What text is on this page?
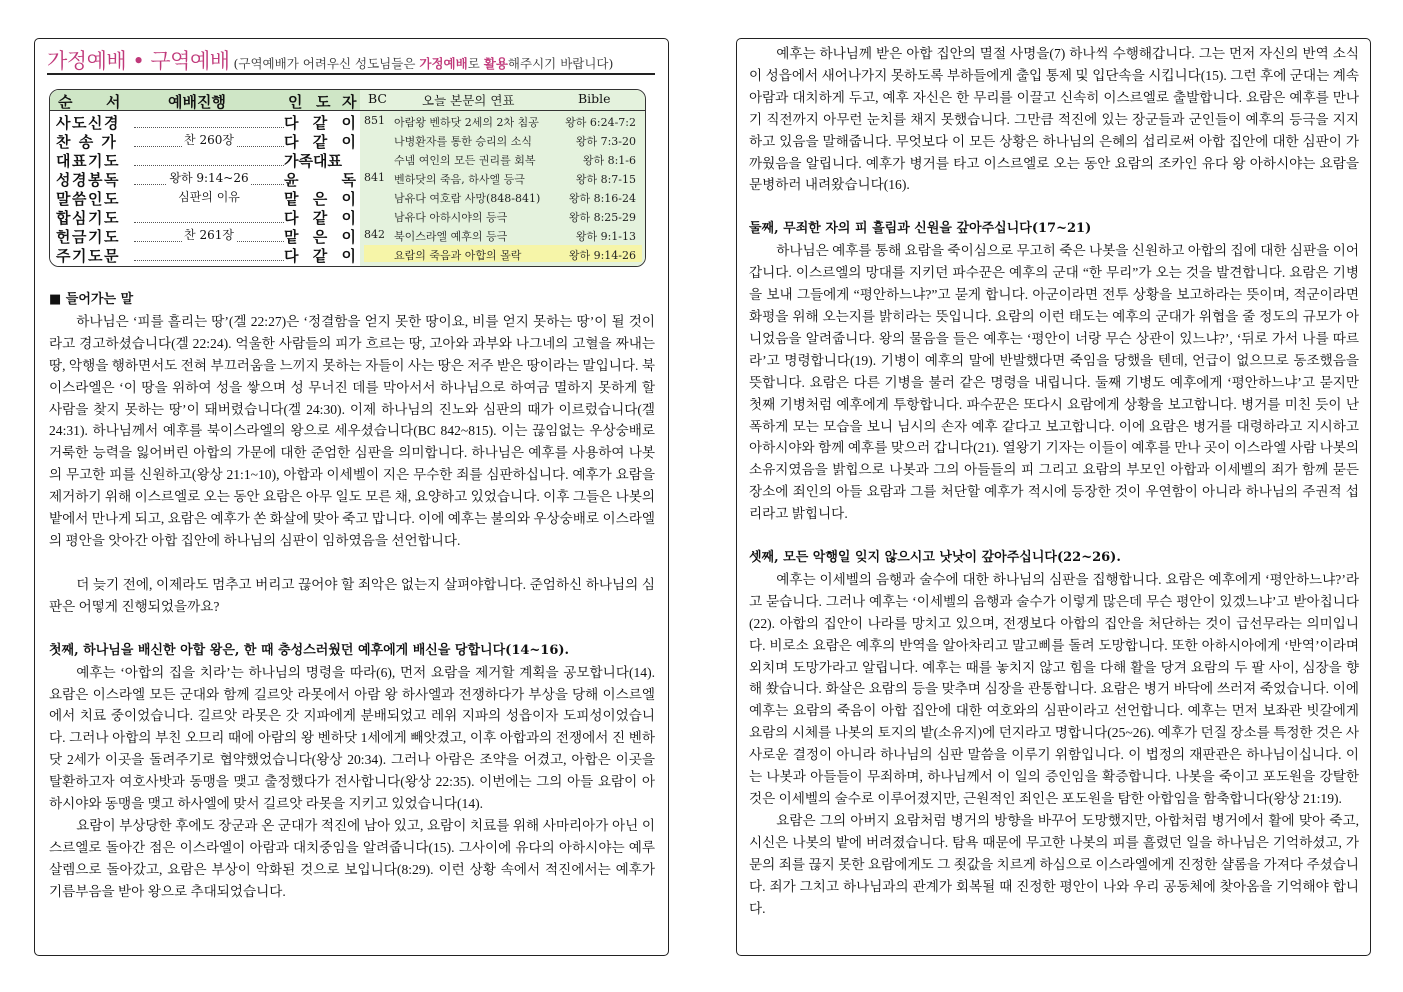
가정예배 • 구역예배 (구역예배가 어려우신 성도님들은 가정예배로 활용해주시기 바랍니다)
순 서	예배진행	인 도 자 BC	오늘 본문의 연표	Bible
사도신경	다 같 이
찬 송 가	찬 260장	다 같 이
대표기도	가족대표
성경봉독	왕하 9:14~26	윤 독
말씀인도	심판의 이유	맡 은 이
합심기도	다 같 이
헌금기도	찬 261장	맡 은 이
주기도문	다 같 이
851 아람왕 벤하닷 2세의 2차 침공 왕하 6:24-7:2
나병환자를 통한 승리의 소식	왕하 7:3-20
수넴 여인의 모든 권리를 회복	왕하 8:1-6
841 벤하닷의 죽음, 하사엘 등극	왕하 8:7-15
남유다 여호람 사망(848-841)	왕하 8:16-24
남유다 아하시야의 등극	왕하 8:25-29
842 북이스라엘 예후의 등극	왕하 9:1-13
요람의 죽음과 아합의 몰락	왕하 9:14-26

■ 들어가는 말

하나님은 ‘피를 흘리는 땅’(겔 22:27)은 ‘정결함을 얻지 못한 땅이요, 비를 얻지 못하는 땅’이 될 것이라고 경고하셨습니다(겔 22:24). 억울한 사람들의 피가 흐르는 땅, 고아와 과부와 나그네의 고혈을 짜내는 땅, 악행을 행하면서도 전혀 부끄러움을 느끼지 못하는 자들이 사는 땅은 저주 받은 땅이라는 말입니다. 북 이스라엘은 ‘이 땅을 위하여 성을 쌓으며 성 무너진 데를 막아서서 하나님으로 하여금 멸하지 못하게 할 사람을 찾지 못하는 땅’이 돼버렸습니다(겔 24:30). 이제 하나님의 진노와 심판의 때가 이르렀습니다(겔 24:31). 하나님께서 예후를 북이스라엘의 왕으로 세우셨습니다(BC 842~815). 이는 끊임없는 우상숭배로 거룩한 능력을 잃어버린 아합의 가문에 대한 준엄한 심판을 의미합니다. 하나님은 예후를 사용하여 나봇의 무고한 피를 신원하고(왕상 21:1~10), 아합과 이세벨이 지은 무수한 죄를 심판하십니다. 예후가 요람을 제거하기 위해 이스르엘로 오는 동안 요람은 아무 일도 모른 채, 요양하고 있었습니다. 이후 그들은 나봇의 밭에서 만나게 되고, 요람은 예후가 쏜 화살에 맞아 죽고 맙니다. 이에 예후는 불의와 우상숭배로 이스라엘의 평안을 앗아간 아합 집안에 하나님의 심판이 임하였음을 선언합니다.

더 늦기 전에, 이제라도 멈추고 버리고 끊어야 할 죄악은 없는지 살펴야합니다. 준엄하신 하나님의 심판은 어떻게 진행되었을까요?

첫째, 하나님을 배신한 아합 왕은, 한 때 충성스러웠던 예후에게 배신을 당합니다(14~16).

예후는 ‘아합의 집을 치라’는 하나님의 명령을 따라(6), 먼저 요람을 제거할 계획을 공모합니다(14). 요람은 이스라엘 모든 군대와 함께 길르앗 라못에서 아람 왕 하사엘과 전쟁하다가 부상을 당해 이스르엘에서 치료 중이었습니다. 길르앗 라못은 갓 지파에게 분배되었고 레위 지파의 성읍이자 도피성이었습니다. 그러나 아합의 부친 오므리 때에 아람의 왕 벤하닷 1세에게 빼앗겼고, 이후 아합과의 전쟁에서 진 벤하닷 2세가 이곳을 돌려주기로 협약했었습니다(왕상 20:34). 그러나 아람은 조약을 어겼고, 아합은 이곳을 탈환하고자 여호사밧과 동맹을 맺고 출정했다가 전사합니다(왕상 22:35). 이번에는 그의 아들 요람이 아하시야와 동맹을 맺고 하사엘에 맞서 길르앗 라못을 지키고 있었습니다(14).

요람이 부상당한 후에도 장군과 온 군대가 적진에 남아 있고, 요람이 치료를 위해 사마리아가 아닌 이스르엘로 돌아간 점은 이스라엘이 아람과 대치중임을 알려줍니다(15). 그사이에 유다의 아하시야는 예루살렘으로 돌아갔고, 요람은 부상이 악화된 것으로 보입니다(8:29). 이런 상황 속에서 적진에서는 예후가 기름부음을 받아 왕으로 추대되었습니다.

예후는 하나님께 받은 아합 집안의 멸절 사명을(7) 하나씩 수행해갑니다. 그는 먼저 자신의 반역 소식이 성읍에서 새어나가지 못하도록 부하들에게 출입 통제 및 입단속을 시킵니다(15). 그런 후에 군대는 계속 아람과 대치하게 두고, 예후 자신은 한 무리를 이끌고 신속히 이스르엘로 출발합니다. 요람은 예후를 만나기 직전까지 아무런 눈치를 채지 못했습니다. 그만큼 적진에 있는 장군들과 군인들이 예후의 등극을 지지하고 있음을 말해줍니다. 무엇보다 이 모든 상황은 하나님의 은혜의 섭리로써 아합 집안에 대한 심판이 가까웠음을 알립니다. 예후가 병거를 타고 이스르엘로 오는 동안 요람의 조카인 유다 왕 아하시야는 요람을 문병하러 내려왔습니다(16).

둘째, 무죄한 자의 피 흘림과 신원을 갚아주십니다(17~21)

하나님은 예후를 통해 요람을 죽이심으로 무고히 죽은 나봇을 신원하고 아합의 집에 대한 심판을 이어갑니다. 이스르엘의 망대를 지키던 파수꾼은 예후의 군대 “한 무리”가 오는 것을 발견합니다. 요람은 기병을 보내 그들에게 “평안하느냐?”고 묻게 합니다. 아군이라면 전투 상황을 보고하라는 뜻이며, 적군이라면 화평을 위해 오는지를 밝히라는 뜻입니다. 요람의 이런 태도는 예후의 군대가 위협을 줄 정도의 규모가 아니었음을 알려줍니다. 왕의 물음을 들은 예후는 ‘평안이 너랑 무슨 상관이 있느냐?’, ‘뒤로 가서 나를 따르라’고 명령합니다(19). 기병이 예후의 말에 반발했다면 죽임을 당했을 텐데, 언급이 없으므로 동조했음을 뜻합니다. 요람은 다른 기병을 불러 같은 명령을 내립니다. 둘째 기병도 예후에게 ‘평안하느냐’고 묻지만 첫째 기병처럼 예후에게 투항합니다. 파수꾼은 또다시 요람에게 상황을 보고합니다. 병거를 미친 듯이 난폭하게 모는 모습을 보니 님시의 손자 예후 같다고 보고합니다. 이에 요람은 병거를 대령하라고 지시하고 아하시야와 함께 예후를 맞으러 갑니다(21). 열왕기 기자는 이들이 예후를 만나 곳이 이스라엘 사람 나봇의 소유지였음을 밝힙으로 나봇과 그의 아들들의 피 그리고 요람의 부모인 아합과 이세벨의 죄가 함께 묻든 장소에 죄인의 아들 요람과 그를 처단할 예후가 적시에 등장한 것이 우연함이 아니라 하나님의 주권적 섭리라고 밝힙니다.

셋째, 모든 악행일 잊지 않으시고 낫낫이 갚아주십니다(22~26).

예후는 이세벨의 음행과 술수에 대한 하나님의 심판을 집행합니다. 요람은 예후에게 ‘평안하느냐?’라고 묻습니다. 그러나 예후는 ‘이세벨의 음행과 술수가 이렇게 많은데 무슨 평안이 있겠느냐’고 받아칩니다(22). 아합의 집안이 나라를 망치고 있으며, 전쟁보다 아합의 집안을 처단하는 것이 급선무라는 의미입니다. 비로소 요람은 예후의 반역을 알아차리고 말고삐를 돌려 도망합니다. 또한 아하시아에게 ‘반역’이라며 외치며 도망가라고 알립니다. 예후는 때를 놓치지 않고 힘을 다해 활을 당겨 요람의 두 팔 사이, 심장을 향해 쐈습니다. 화살은 요람의 등을 맞추며 심장을 관통합니다. 요람은 병거 바닥에 쓰러져 죽었습니다. 이에 예후는 요람의 죽음이 아합 집안에 대한 여호와의 심판이라고 선언합니다. 예후는 먼저 보좌관 빗갈에게 요람의 시체를 나봇의 토지의 밭(소유지)에 던지라고 명합니다(25~26). 예후가 던질 장소를 특정한 것은 사사로운 결정이 아니라 하나님의 심판 말씀을 이루기 위함입니다. 이 법정의 재판관은 하나님이십니다. 이는 나봇과 아들들이 무죄하며, 하나님께서 이 일의 증인임을 확증합니다. 나봇을 죽이고 포도원을 강탈한 것은 이세벨의 술수로 이루어졌지만, 근원적인 죄인은 포도원을 탐한 아합임을 함축합니다(왕상 21:19).

요람은 그의 아버지 요람처럼 병거의 방향을 바꾸어 도망했지만, 아합처럼 병거에서 활에 맞아 죽고, 시신은 나봇의 밭에 버려졌습니다. 탐욕 때문에 무고한 나봇의 피를 흘렸던 일을 하나님은 기억하셨고, 가문의 죄를 끊지 못한 요람에게도 그 죗값을 치르게 하심으로 이스라엘에게 진정한 샬롬을 가져다 주셨습니다. 죄가 그치고 하나님과의 관계가 회복될 때 진정한 평안이 나와 우리 공동체에 찾아옴을 기억해야 합니다.
